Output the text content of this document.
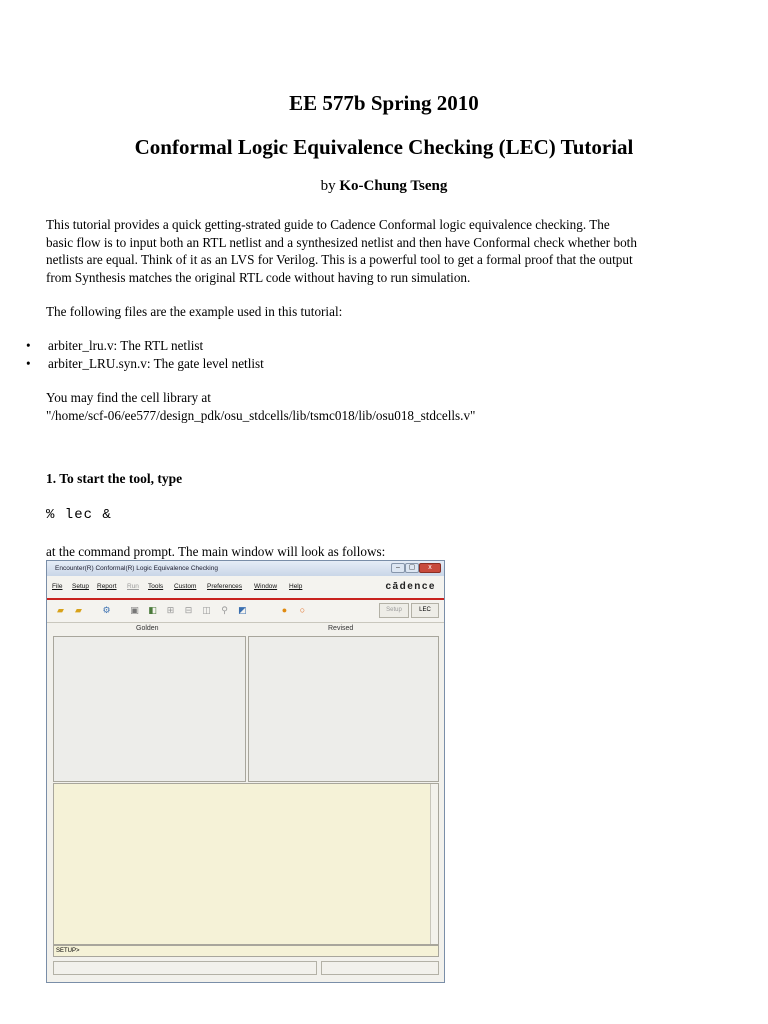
EE 577b Spring 2010
Conformal Logic Equivalence Checking (LEC) Tutorial
by Ko-Chung Tseng
This tutorial provides a quick getting-strated guide to Cadence Conformal logic equivalence checking. The
basic flow is to input both an RTL netlist and a synthesized netlist and then have Conformal check whether both
netlists are equal. Think of it as an LVS for Verilog. This is a powerful tool to get a formal proof that the output
from Synthesis matches the original RTL code without having to run simulation.
The following files are the example used in this tutorial:
• arbiter_lru.v: The RTL netlist
• arbiter_LRU.syn.v: The gate level netlist
You may find the cell library at
"/home/scf-06/ee577/design_pdk/osu_stdcells/lib/tsmc018/lib/osu018_stdcells.v"
1. To start the tool, type
% lec &
at the command prompt. The main window will look as follows:
Encounter(R) Conformal(R) Logic Equivalence Checking	–	▢	x
File Setup Report Run Tools Custom Preferences Window Help	cādence
▰ ▰ ⚙ ▣ ◧ ⊞ ⊟ ◫ ⚲ ◩	●	○	Setup	LEC
Golden	Revised
SETUP>
